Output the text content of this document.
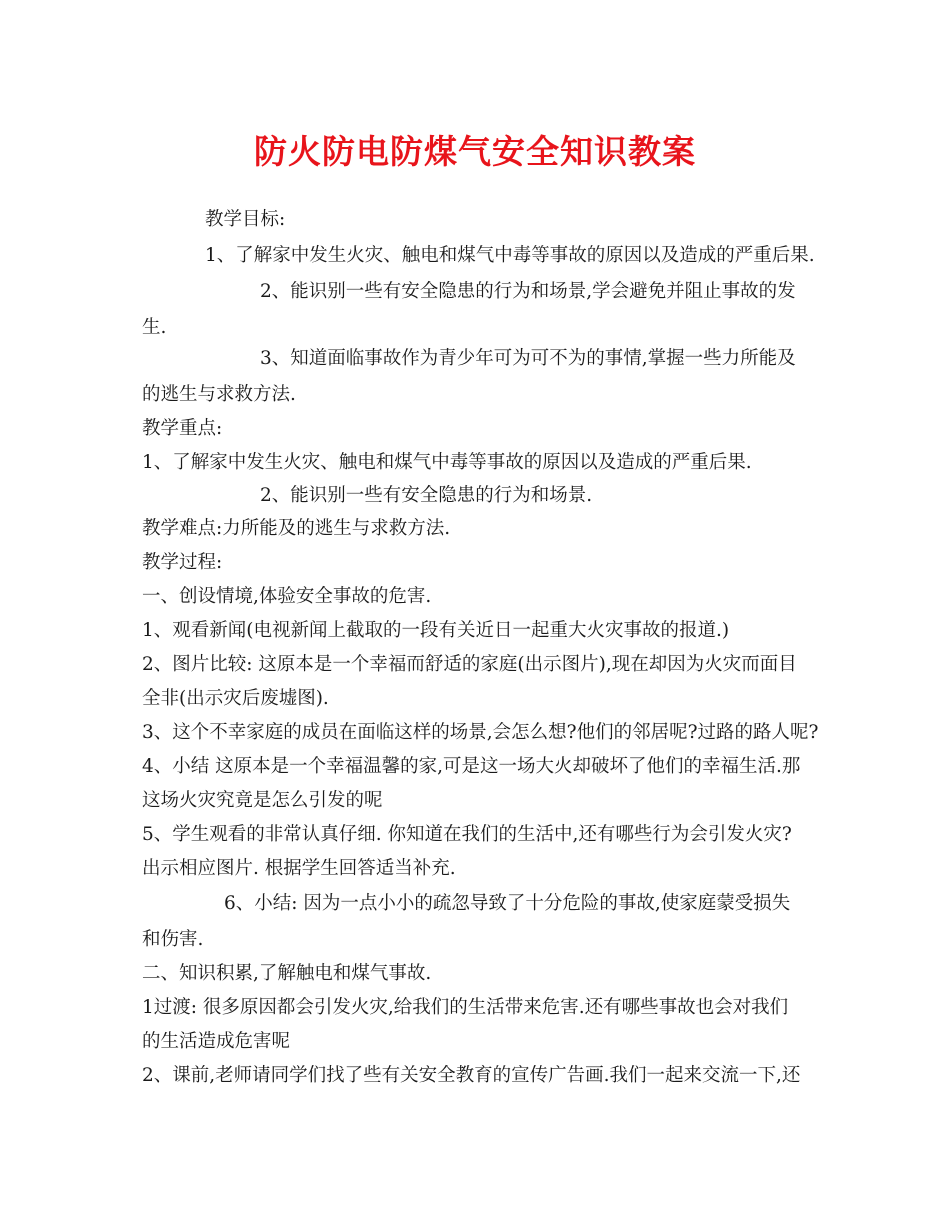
防火防电防煤气安全知识教案
教学目标:
1、了解家中发生火灾、触电和煤气中毒等事故的原因以及造成的严重后果.
2、能识别一些有安全隐患的行为和场景,学会避免并阻止事故的发
生.
3、知道面临事故作为青少年可为可不为的事情,掌握一些力所能及
的逃生与求救方法.
教学重点:
1、了解家中发生火灾、触电和煤气中毒等事故的原因以及造成的严重后果.
2、能识别一些有安全隐患的行为和场景.
教学难点:力所能及的逃生与求救方法.
教学过程:
一、创设情境,体验安全事故的危害.
1、观看新闻(电视新闻上截取的一段有关近日一起重大火灾事故的报道.)
2、图片比较: 这原本是一个幸福而舒适的家庭(出示图片),现在却因为火灾而面目
全非(出示灾后废墟图).
3、这个不幸家庭的成员在面临这样的场景,会怎么想?他们的邻居呢?过路的路人呢?
4、小结 这原本是一个幸福温馨的家,可是这一场大火却破坏了他们的幸福生活.那
这场火灾究竟是怎么引发的呢
5、学生观看的非常认真仔细. 你知道在我们的生活中,还有哪些行为会引发火灾?
出示相应图片. 根据学生回答适当补充.
6、小结: 因为一点小小的疏忽导致了十分危险的事故,使家庭蒙受损失
和伤害.
二、知识积累,了解触电和煤气事故.
1过渡: 很多原因都会引发火灾,给我们的生活带来危害.还有哪些事故也会对我们
的生活造成危害呢
2、课前,老师请同学们找了些有关安全教育的宣传广告画.我们一起来交流一下,还
